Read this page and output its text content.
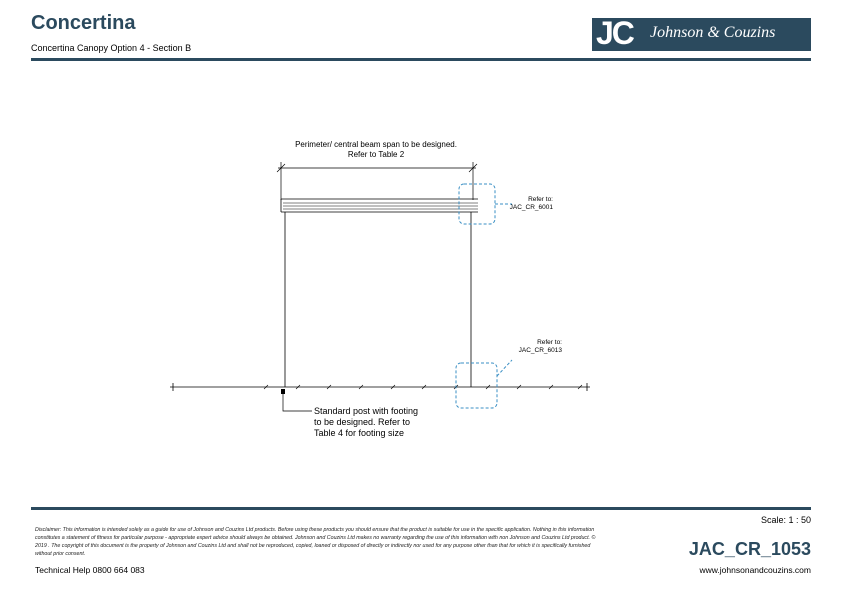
Concertina
Concertina Canopy Option 4 - Section B	JC Johnson & Couzins
Perimeter/ central beam span to be designed.
Refer to Table 2
Refer to:
JAC_CR_6001
Refer to:
JAC_CR_6013
Standard post with footing
to be designed. Refer to
Table 4 for footing size
Scale: 1 : 50
Disclaimer: This information is intended solely as a guide for use of Johnson and Couzins Ltd products. Before using these products you should ensure that the product is suitable for use in the specific application. Nothing in this information constitutes a statement of fitness for particular purpose - appropriate expert advice should always be obtained. Johnson and Couzins Ltd makes no warranty regarding the use of this information with non Johnson and Couzins Ltd product. © 2019 . The copyright of this document is the property of Johnson and Couzins Ltd and shall not be reproduced, copied, loaned or disposed of directly or indirectly nor used for any purpose other than that for which it is specifically furnished without prior consent.
Technical Help 0800 664 083
JAC_CR_1053
www.johnsonandcouzins.com
